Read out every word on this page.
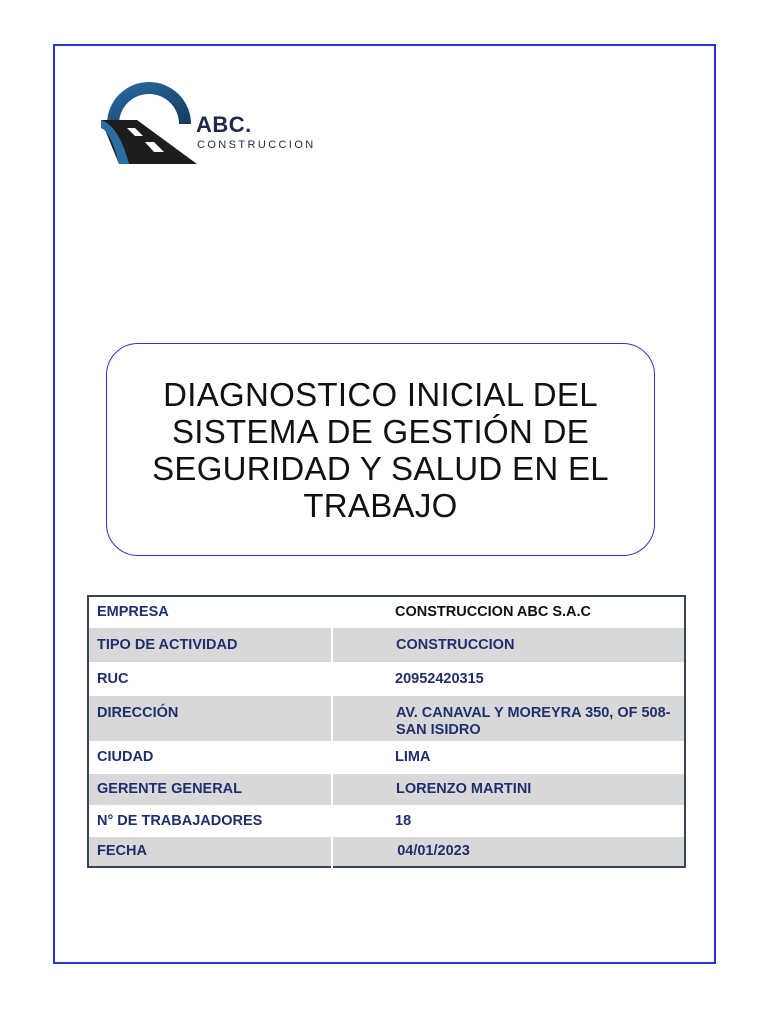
ABC.
CONSTRUCCION
DIAGNOSTICO INICIAL DEL SISTEMA DE GESTIÓN DE SEGURIDAD Y SALUD EN EL TRABAJO
EMPRESA	CONSTRUCCION ABC S.A.C
TIPO DE ACTIVIDAD	CONSTRUCCION
RUC	20952420315
DIRECCIÓN	AV. CANAVAL Y MOREYRA 350, OF 508-SAN ISIDRO
CIUDAD	LIMA
GERENTE GENERAL	LORENZO MARTINI
N° DE TRABAJADORES	18
FECHA	04/01/2023
